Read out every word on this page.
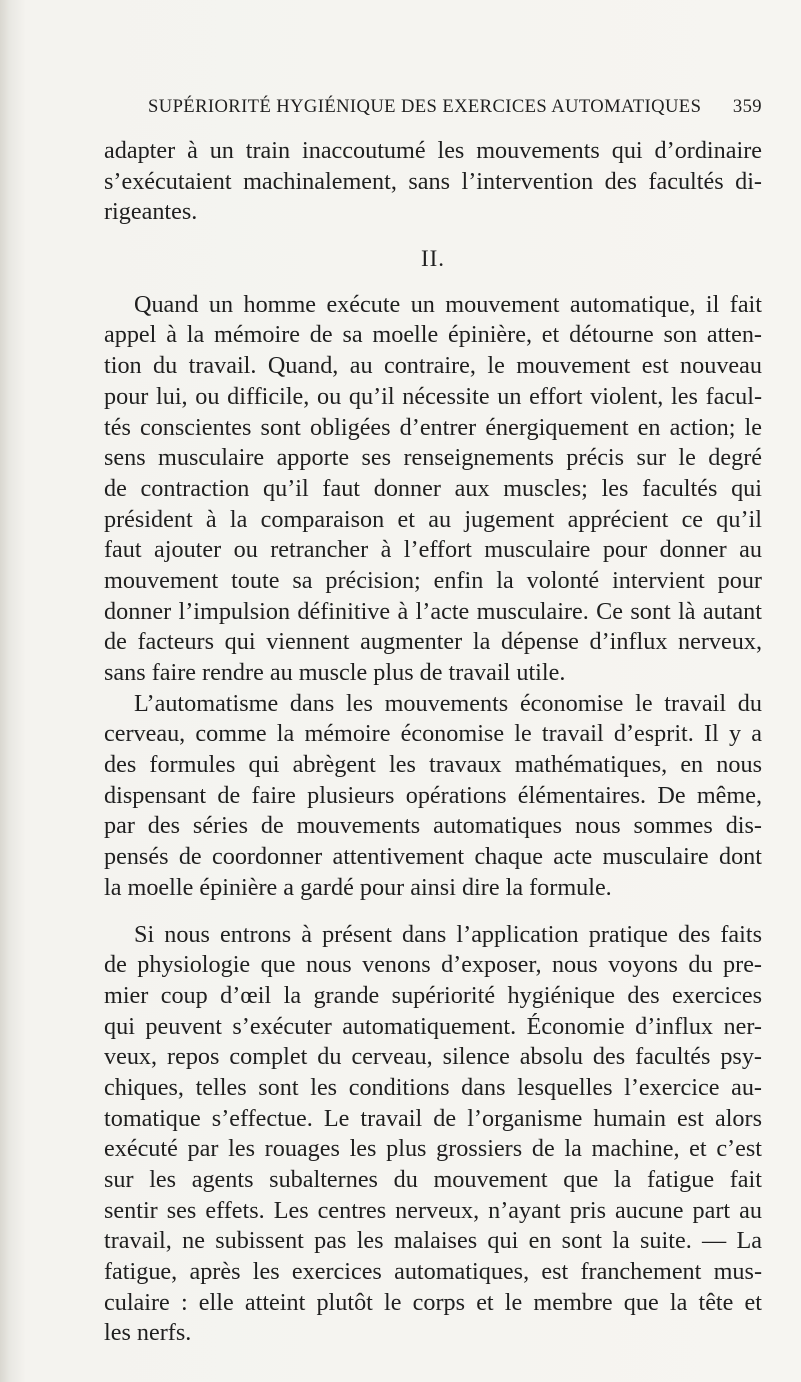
SUPÉRIORITÉ HYGIÉNIQUE DES EXERCICES AUTOMATIQUES 359
adapter à un train inaccoutumé les mouvements qui d’ordinaire
s’exécutaient machinalement, sans l’intervention des facultés di-
rigeantes.
II.
Quand un homme exécute un mouvement automatique, il fait
appel à la mémoire de sa moelle épinière, et détourne son atten-
tion du travail. Quand, au contraire, le mouvement est nouveau
pour lui, ou difficile, ou qu’il nécessite un effort violent, les facul-
tés conscientes sont obligées d’entrer énergiquement en action; le
sens musculaire apporte ses renseignements précis sur le degré
de contraction qu’il faut donner aux muscles; les facultés qui
président à la comparaison et au jugement apprécient ce qu’il
faut ajouter ou retrancher à l’effort musculaire pour donner au
mouvement toute sa précision; enfin la volonté intervient pour
donner l’impulsion définitive à l’acte musculaire. Ce sont là autant
de facteurs qui viennent augmenter la dépense d’influx nerveux,
sans faire rendre au muscle plus de travail utile.
L’automatisme dans les mouvements économise le travail du
cerveau, comme la mémoire économise le travail d’esprit. Il y a
des formules qui abrègent les travaux mathématiques, en nous
dispensant de faire plusieurs opérations élémentaires. De même,
par des séries de mouvements automatiques nous sommes dis-
pensés de coordonner attentivement chaque acte musculaire dont
la moelle épinière a gardé pour ainsi dire la formule.
Si nous entrons à présent dans l’application pratique des faits
de physiologie que nous venons d’exposer, nous voyons du pre-
mier coup d’œil la grande supériorité hygiénique des exercices
qui peuvent s’exécuter automatiquement. Économie d’influx ner-
veux, repos complet du cerveau, silence absolu des facultés psy-
chiques, telles sont les conditions dans lesquelles l’exercice au-
tomatique s’effectue. Le travail de l’organisme humain est alors
exécuté par les rouages les plus grossiers de la machine, et c’est
sur les agents subalternes du mouvement que la fatigue fait
sentir ses effets. Les centres nerveux, n’ayant pris aucune part au
travail, ne subissent pas les malaises qui en sont la suite. — La
fatigue, après les exercices automatiques, est franchement mus-
culaire : elle atteint plutôt le corps et le membre que la tête et
les nerfs.
